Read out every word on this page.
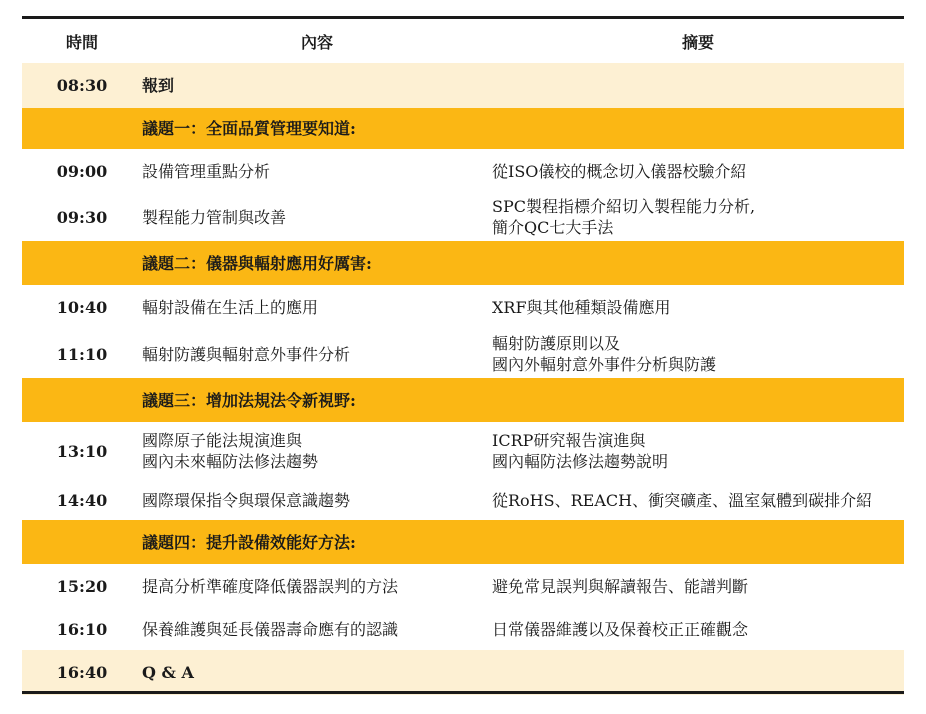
時間	內容	摘要
08:30	報到	
	議題一：全面品質管理要知道:	
09:00	設備管理重點分析	從ISO儀校的概念切入儀器校驗介紹
09:30	製程能力管制與改善	SPC製程指標介紹切入製程能力分析,
簡介QC七大手法

	議題二：儀器與輻射應用好厲害:	
10:40	輻射設備在生活上的應用	XRF與其他種類設備應用
11:10	輻射防護與輻射意外事件分析	輻射防護原則以及
國內外輻射意外事件分析與防護

	議題三：增加法規法令新視野:	
13:10	國際原子能法規演進與
國內未來輻防法修法趨勢	ICRP研究報告演進與
國內輻防法修法趨勢說明

14:40	國際環保指令與環保意識趨勢	從RoHS、REACH、衝突礦產、溫室氣體到碳排介紹
	議題四：提升設備效能好方法:	
15:20	提高分析準確度降低儀器誤判的方法	避免常見誤判與解讀報告、能譜判斷
16:10	保養維護與延長儀器壽命應有的認識	日常儀器維護以及保養校正正確觀念
16:40	Q & A	
